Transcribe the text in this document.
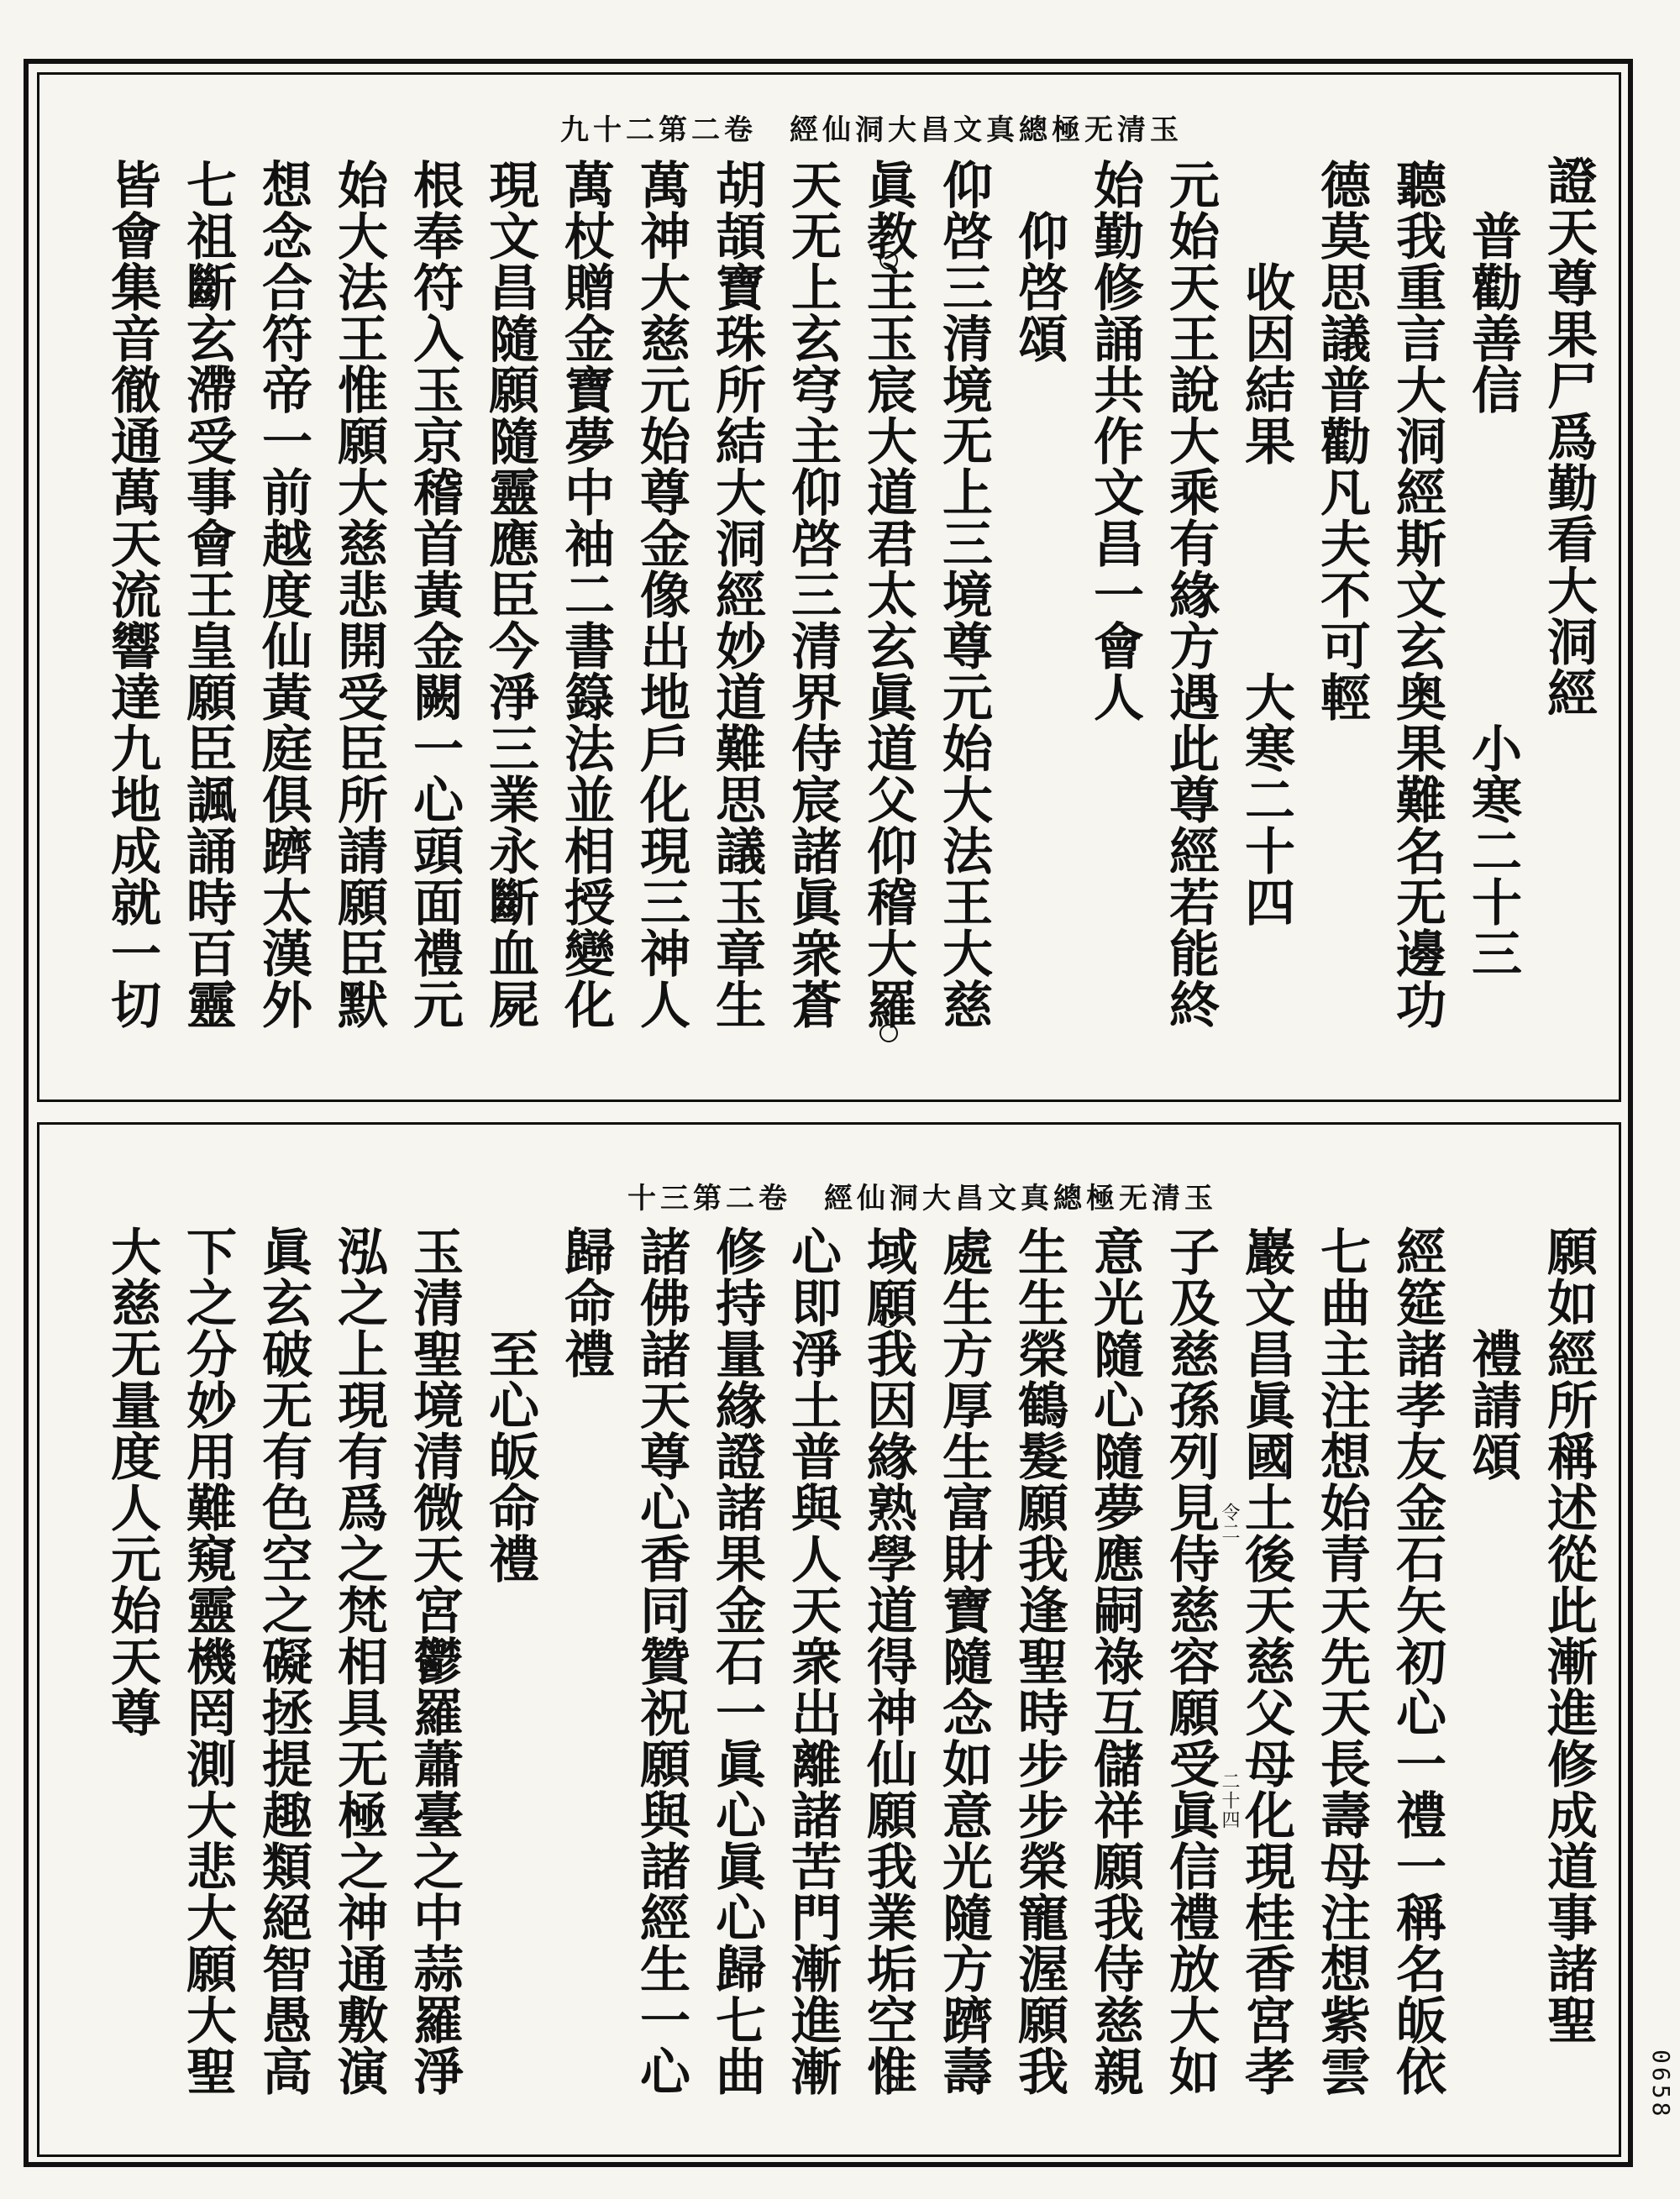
玉清无極總真文昌大洞仙經　卷二第二十九
證天尊果尸爲勤看大洞經
　普勸善信　　　　　　小寒二十三
聽我重言大洞經斯文玄奥果難名无邊功
德莫思議普勸凡夫不可輕
　　收因結果　　　　大寒二十四
元始天王說大乘有緣方遇此尊經若能終
始勤修誦共作文昌一會人
　仰啓頌
仰啓三清境无上三境尊元始大法王大慈
眞教主玉宸大道君太玄眞道父仰稽大羅
天无上玄穹主仰啓三清界侍宸諸眞衆蒼
胡頡寶珠所結大洞經妙道難思議玉章生
萬神大慈元始尊金像出地戶化現三神人
萬杖贈金寶夢中袖二書籙法並相授變化
現文昌隨願隨靈應臣今淨三業永斷血屍
根奉符入玉京稽首黃金闕一心頭面禮元
始大法王惟願大慈悲開受臣所請願臣默
想念合符帝一前越度仙黃庭俱躋太漢外
七祖斷玄滯受事會王皇願臣諷誦時百靈
皆會集音徹通萬天流響達九地成就一切
玉清无極總真文昌大洞仙經　卷二第三十
願如經所稱述從此漸進修成道事諸聖
　　禮請頌
經筵諸孝友金石矢初心一禮一稱名皈依
七曲主注想始青天先天長壽母注想紫雲
巖文昌眞國土後天慈父母化現桂香宮孝
子及慈孫列見侍慈容願受眞信禮放大如
意光隨心隨夢應嗣祿互儲祥願我侍慈親
生生榮鶴髮願我逢聖時步步榮寵渥願我
處生方厚生富財寶隨念如意光隨方躋壽
域願我因緣熟學道得神仙願我業垢空惟
心即淨土普與人天衆出離諸苦門漸進漸
修持量緣證諸果金石一眞心眞心歸七曲
諸佛諸天尊心香同贊祝願與諸經生一心
歸命禮
　　至心皈命禮
玉清聖境清微天宮鬱羅蕭臺之中蒜羅淨
泓之上現有爲之梵相具无極之神通敷演
眞玄破无有色空之礙拯提趣類絕智愚高
下之分妙用難窺靈機罔測大悲大願大聖
大慈无量度人元始天尊	令二
二十四
0658
